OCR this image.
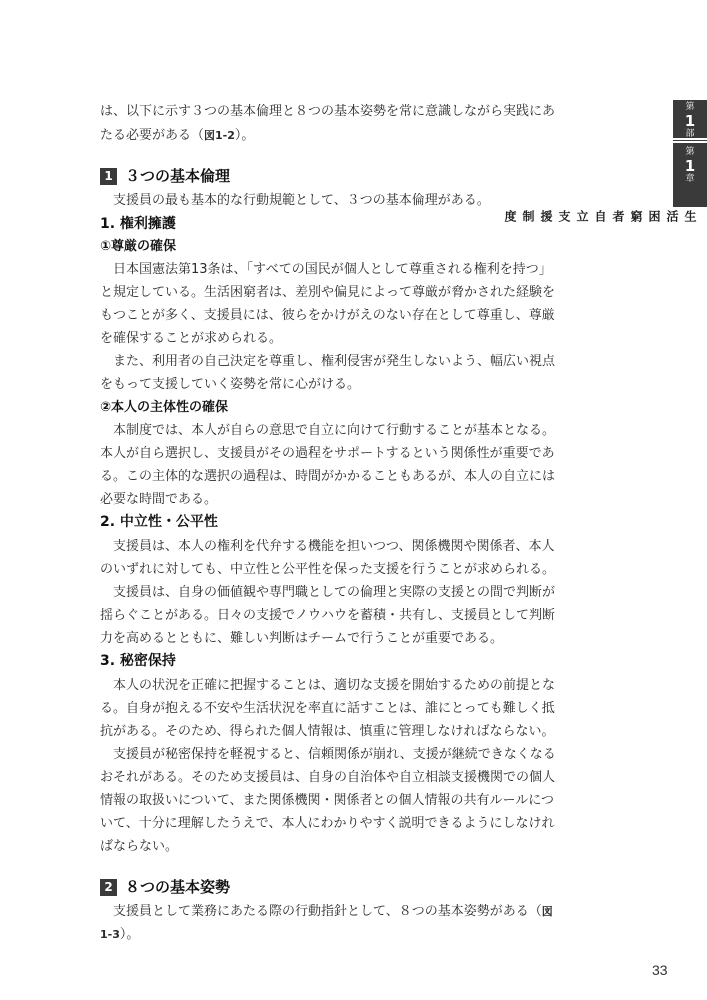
は、以下に示す３つの基本倫理と８つの基本姿勢を常に意識しながら実践にあ

たる必要がある（図1-2）。

1 ３つの基本倫理

　支援員の最も基本的な行動規範として、３つの基本倫理がある。

1. 権利擁護

①尊厳の確保

　日本国憲法第13条は、「すべての国民が個人として尊重される権利を持つ」

と規定している。生活困窮者は、差別や偏見によって尊厳が脅かされた経験を

もつことが多く、支援員には、彼らをかけがえのない存在として尊重し、尊厳

を確保することが求められる。

　また、利用者の自己決定を尊重し、権利侵害が発生しないよう、幅広い視点

をもって支援していく姿勢を常に心がける。

②本人の主体性の確保

　本制度では、本人が自らの意思で自立に向けて行動することが基本となる。

本人が自ら選択し、支援員がその過程をサポートするという関係性が重要であ

る。この主体的な選択の過程は、時間がかかることもあるが、本人の自立には

必要な時間である。

2. 中立性・公平性

　支援員は、本人の権利を代弁する機能を担いつつ、関係機関や関係者、本人

のいずれに対しても、中立性と公平性を保った支援を行うことが求められる。

　支援員は、自身の価値観や専門職としての倫理と実際の支援との間で判断が

揺らぐことがある。日々の支援でノウハウを蓄積・共有し、支援員として判断

力を高めるとともに、難しい判断はチームで行うことが重要である。

3. 秘密保持

　本人の状況を正確に把握することは、適切な支援を開始するための前提とな

る。自身が抱える不安や生活状況を率直に話すことは、誰にとっても難しく抵

抗がある。そのため、得られた個人情報は、慎重に管理しなければならない。

　支援員が秘密保持を軽視すると、信頼関係が崩れ、支援が継続できなくなる

おそれがある。そのため支援員は、自身の自治体や自立相談支援機関での個人

情報の取扱いについて、また関係機関・関係者との個人情報の共有ルールにつ

いて、十分に理解したうえで、本人にわかりやすく説明できるようにしなけれ

ばならない。

2 ８つの基本姿勢

　支援員として業務にあたる際の行動指針として、８つの基本姿勢がある（図

1-3）。

第
1
部
第
1
章
生活困窮者自立支援制度
33
